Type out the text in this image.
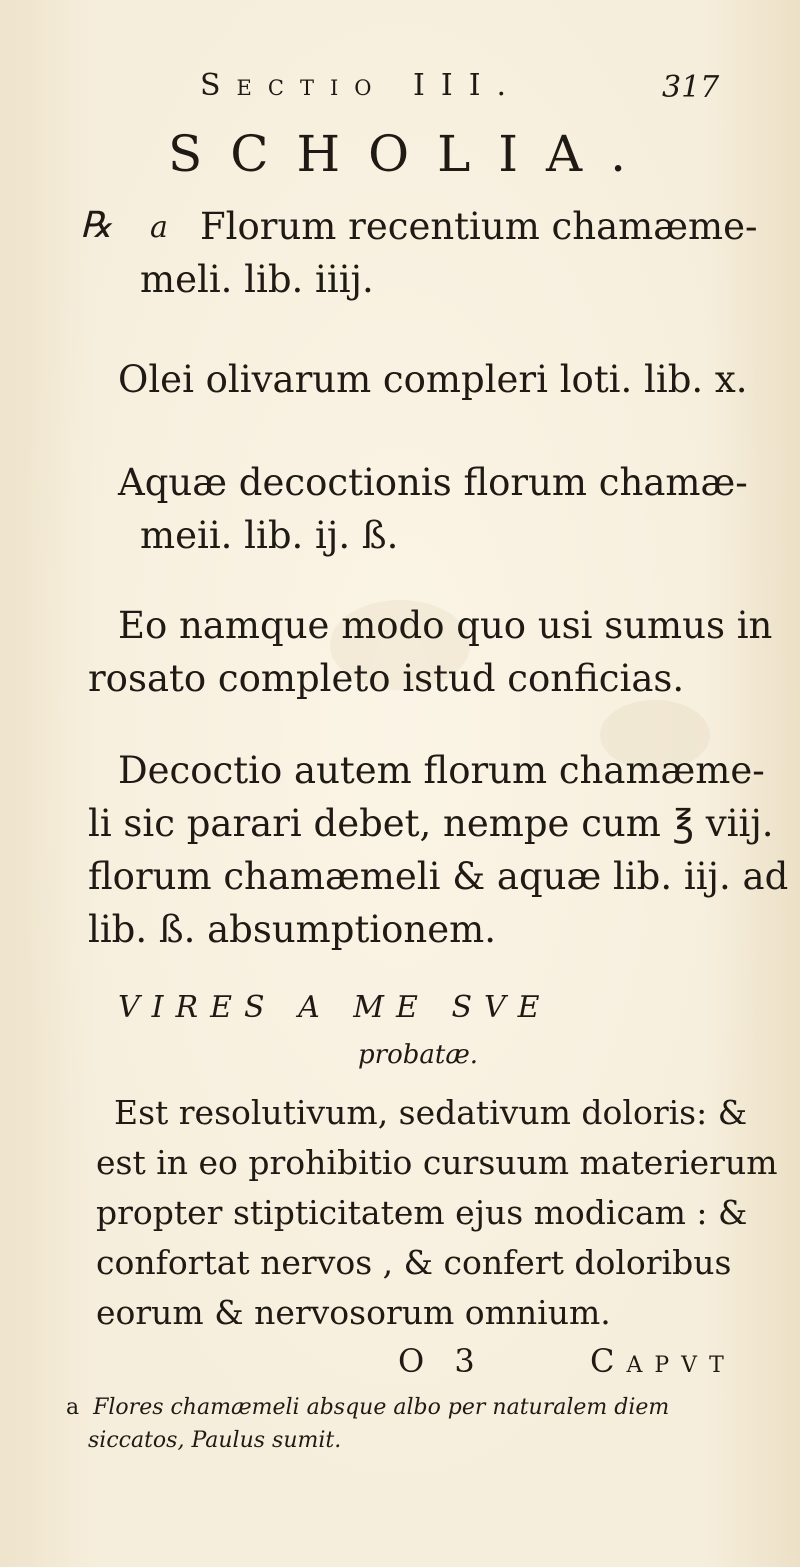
Sectio III.	317
SCHOLIA.
℞ a Florum recentium chamæme-
meli. lib. iiij.
Olei olivarum compleri loti. lib. x.
Aquæ decoctionis florum chamæ-
meii. lib. ij. ß.
Eo namque modo quo usi sumus in
rosato completo istud conficias.
Decoctio autem florum chamæme-
li sic parari debet, nempe cum ℥ viij.
florum chamæmeli & aquæ lib. iij. ad
lib. ß. absumptionem.
VIRES A ME SVE
probatæ.
Est resolutivum, sedativum doloris: &
est in eo prohibitio cursuum materierum
propter stipticitatem ejus modicam : &
confortat nervos , & confert doloribus
eorum & nervosorum omnium.
O 3	Capvt
a Flores chamæmeli absque albo per naturalem diem
siccatos, Paulus sumit.
